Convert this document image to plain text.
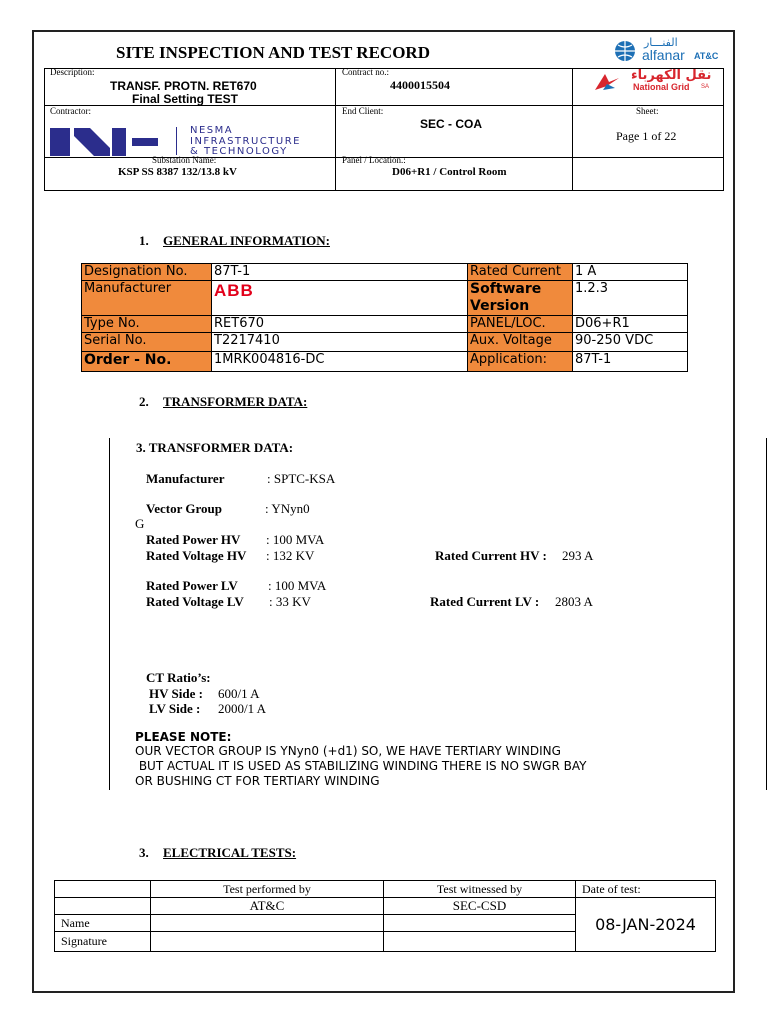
SITE INSPECTION AND TEST RECORD
الفنـــار
alfanar AT&C
Description:
TRANSF. PROTN. RET670
Final Setting TEST
Contract no.:
4400015504
نقل الكهرباء
National Grid SA
Contractor:
NESMA
INFRASTRUCTURE
& TECHNOLOGY
End Client:
SEC - COA
Sheet:
Page 1 of 22
Substation Name:
KSP SS 8387 132/13.8 kV
Panel / Location.:
D06+R1 / Control Room
1. GENERAL INFORMATION:
Designation No.	87T-1	Rated Current	1 A
Manufacturer	ABB	Software Version	1.2.3
Type No.	RET670	PANEL/LOC.	D06+R1
Serial No.	T2217410	Aux. Voltage	90-250 VDC
Order - No.	1MRK004816-DC	Application:	87T-1
2. TRANSFORMER DATA:
3. TRANSFORMER DATA:
Manufacturer	: SPTC-KSA
Vector Group	: YNyn0
G
Rated Power HV : 100 MVA
Rated Voltage HV : 132 KV	Rated Current HV : 293 A
Rated Power LV : 100 MVA
Rated Voltage LV : 33 KV	Rated Current LV : 2803 A
CT Ratio’s:
HV Side : 600/1 A
LV Side : 2000/1 A
PLEASE NOTE:
OUR VECTOR GROUP IS YNyn0 (+d1) SO, WE HAVE TERTIARY WINDING
BUT ACTUAL IT IS USED AS STABILIZING WINDING THERE IS NO SWGR BAY
OR BUSHING CT FOR TERTIARY WINDING
3. ELECTRICAL TESTS:
	Test performed by	Test witnessed by	Date of test:
	AT&C	SEC-CSD	08-JAN-2024
Name			
Signature			
